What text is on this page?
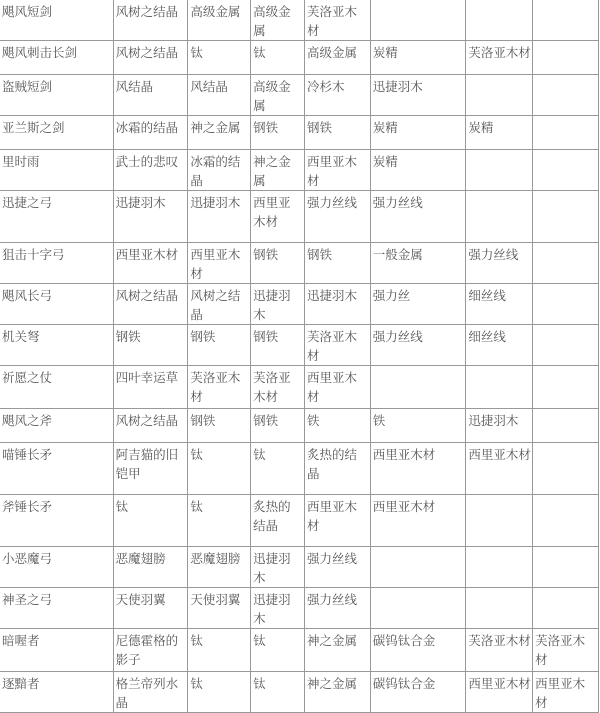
飓风短剑	风树之结晶	高级金属	高级金属	芙洛亚木材			
飓风刺击长剑	风树之结晶	钛	钛	高级金属	炭精	芙洛亚木材	
盗贼短剑	风结晶	风结晶	高级金属	冷杉木	迅捷羽木		
亚兰斯之剑	冰霜的结晶	神之金属	钢铁	钢铁	炭精	炭精	
里时雨	武士的悲叹	冰霜的结晶	神之金属	西里亚木材	炭精		
迅捷之弓	迅捷羽木	迅捷羽木	西里亚木材	强力丝线	强力丝线		
狙击十字弓	西里亚木材	西里亚木材	钢铁	钢铁	一般金属	强力丝线	
飓风长弓	风树之结晶	风树之结晶	迅捷羽木	迅捷羽木	强力丝	细丝线	
机关弩	钢铁	钢铁	钢铁	芙洛亚木材	强力丝线	细丝线	
祈愿之仗	四叶幸运草	芙洛亚木材	芙洛亚木材	西里亚木材			
飓风之斧	风树之结晶	钢铁	钢铁	铁	铁	迅捷羽木	
喵锤长矛	阿吉猫的旧铠甲	钛	钛	炙热的结晶	西里亚木材	西里亚木材	
斧锤长矛	钛	钛	炙热的结晶	西里亚木材	西里亚木材		
小恶魔弓	恶魔翅膀	恶魔翅膀	迅捷羽木	强力丝线			
神圣之弓	天使羽翼	天使羽翼	迅捷羽木	强力丝线			
暗喔者	尼德霍格的影子	钛	钛	神之金属	碳钨钛合金	芙洛亚木材	芙洛亚木材
逐黯者	格兰帝列水晶	钛	钛	神之金属	碳钨钛合金	西里亚木材	西里亚木材
